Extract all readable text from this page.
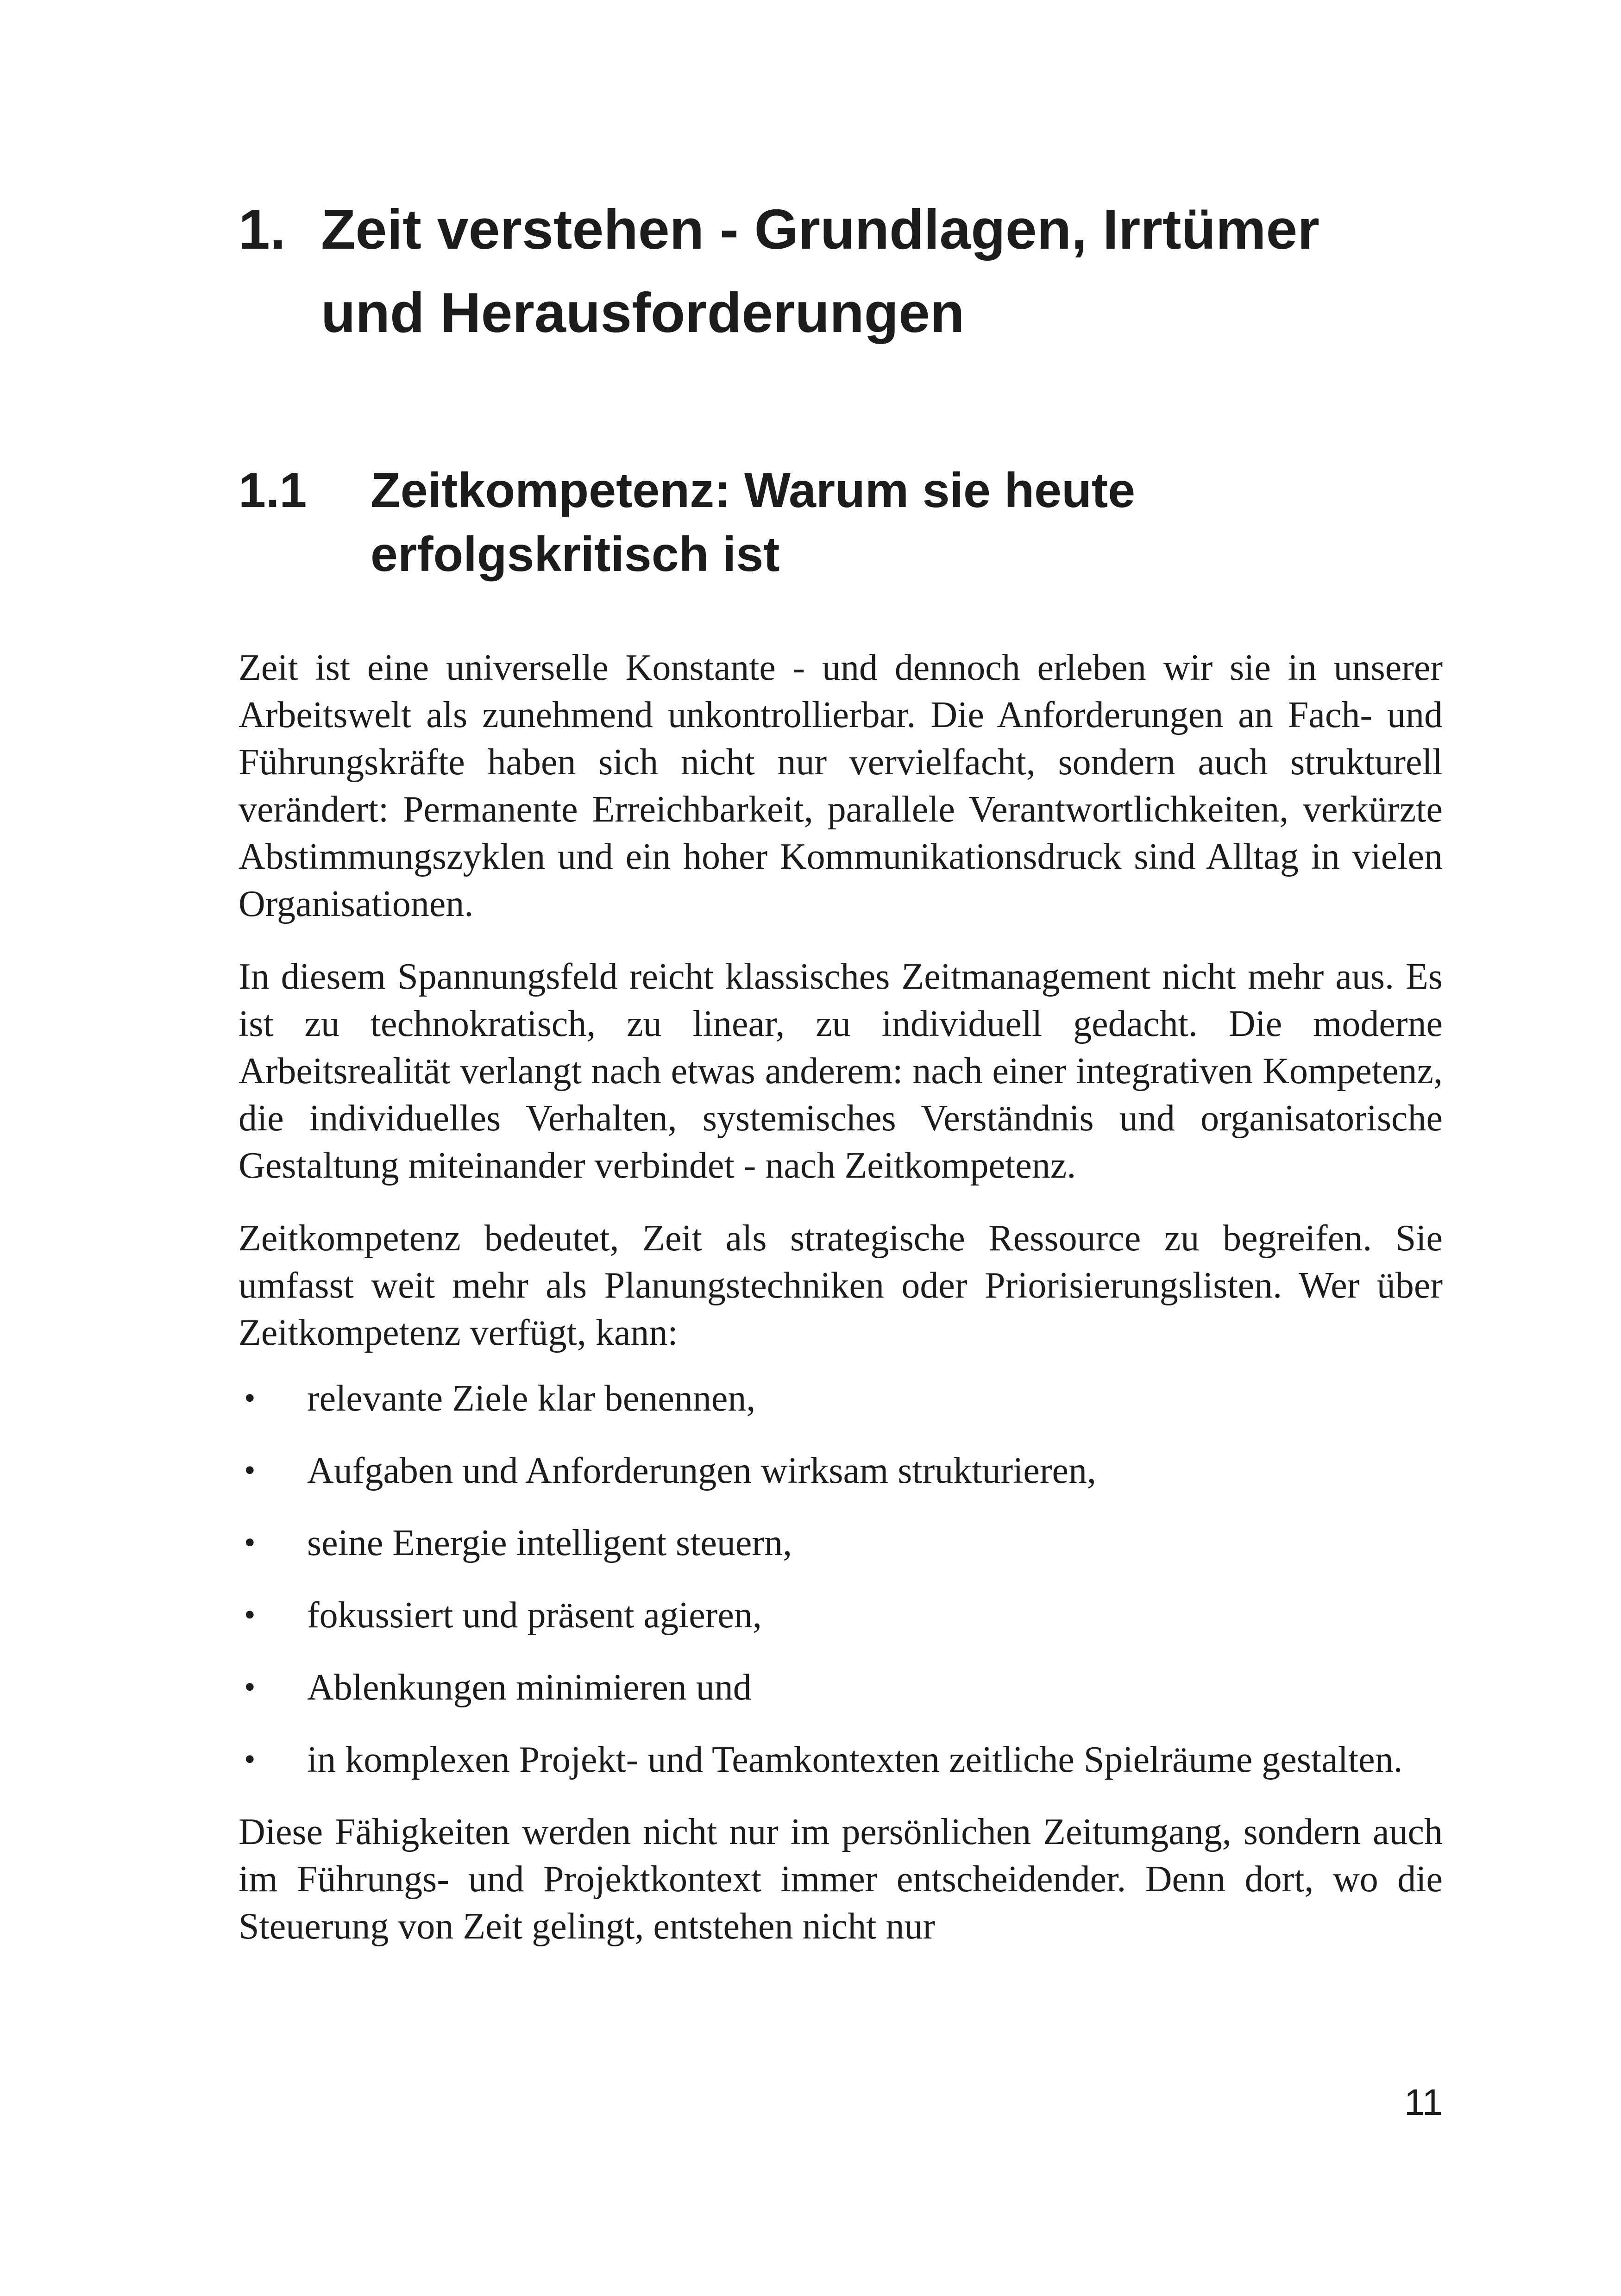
1. Zeit verstehen - Grundlagen, Irrtümer
und Herausforderungen
1.1	Zeitkompetenz: Warum sie heute
erfolgskritisch ist

Zeit ist eine universelle Konstante - und dennoch erleben wir sie in unserer Arbeitswelt als zunehmend unkontrollierbar. Die Anforderungen an Fach- und Führungskräfte haben sich nicht nur vervielfacht, sondern auch strukturell verändert: Permanente Erreichbarkeit, parallele Verantwortlichkeiten, verkürzte Abstimmungszyklen und ein hoher Kommunikationsdruck sind Alltag in vielen Organisationen.

In diesem Spannungsfeld reicht klassisches Zeitmanagement nicht mehr aus. Es ist zu technokratisch, zu linear, zu individuell gedacht. Die moderne Arbeitsrealität verlangt nach etwas anderem: nach einer integrativen Kompetenz, die individuelles Verhalten, systemisches Verständnis und organisatorische Gestaltung miteinander verbindet - nach Zeitkompetenz.

Zeitkompetenz bedeutet, Zeit als strategische Ressource zu begreifen. Sie umfasst weit mehr als Planungstechniken oder Priorisierungslisten. Wer über Zeitkompetenz verfügt, kann:

•
relevante Ziele klar benennen,
•
Aufgaben und Anforderungen wirksam strukturieren,
•
seine Energie intelligent steuern,
•
fokussiert und präsent agieren,
•
Ablenkungen minimieren und
•
in komplexen Projekt- und Teamkontexten zeitliche Spielräume gestalten.

Diese Fähigkeiten werden nicht nur im persönlichen Zeitumgang, sondern auch im Führungs- und Projektkontext immer entscheidender. Denn dort, wo die Steuerung von Zeit gelingt, entstehen nicht nur

11
